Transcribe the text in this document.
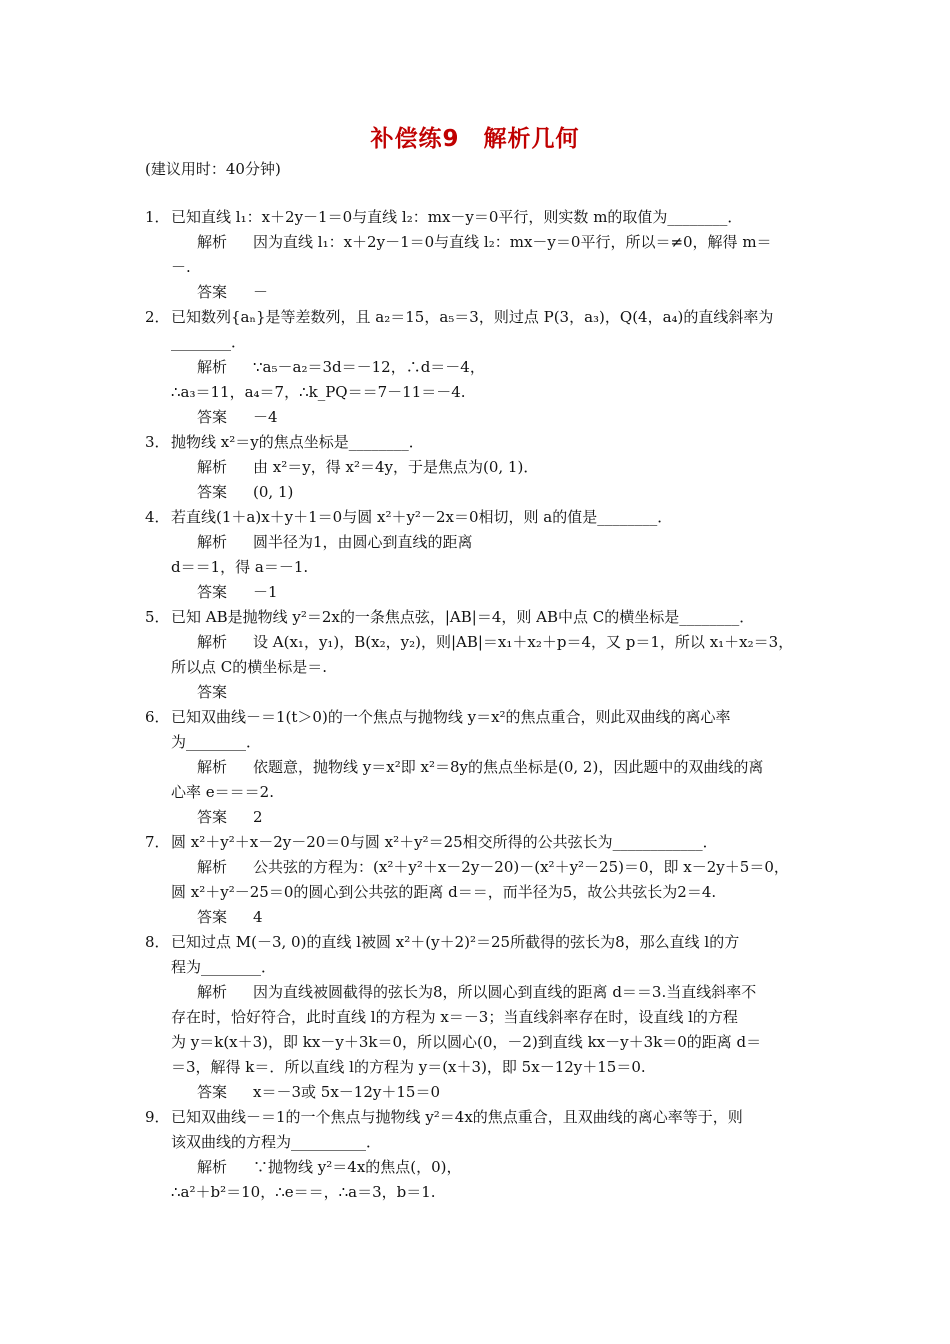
补偿练9　解析几何
(建议用时：40分钟)
1． 已知直线 l₁：x＋2y－1＝0与直线 l₂：mx－y＝0平行，则实数 m的取值为________．
解析 因为直线 l₁：x＋2y－1＝0与直线 l₂：mx－y＝0平行，所以＝≠0，解得 m＝
－.
答案 －
2． 已知数列{aₙ}是等差数列，且 a₂＝15，a₅＝3，则过点 P(3，a₃)，Q(4，a₄)的直线斜率为
________．
解析 ∵a₅－a₂＝3d＝－12，∴d＝－4，
∴a₃＝11，a₄＝7，∴k_PQ＝＝7－11＝－4.
答案 －4
3． 抛物线 x²＝y的焦点坐标是________．
解析 由 x²＝y，得 x²＝4y，于是焦点为(0, 1)．
答案 (0, 1)
4． 若直线(1＋a)x＋y＋1＝0与圆 x²＋y²－2x＝0相切，则 a的值是________．
解析 圆半径为1，由圆心到直线的距离
d＝＝1，得 a＝－1.
答案 －1
5． 已知 AB是抛物线 y²＝2x的一条焦点弦，|AB|＝4，则 AB中点 C的横坐标是________．
解析 设 A(x₁，y₁)，B(x₂，y₂)，则|AB|＝x₁＋x₂＋p＝4，又 p＝1，所以 x₁＋x₂＝3，
所以点 C的横坐标是＝.
答案
6． 已知双曲线－＝1(t＞0)的一个焦点与抛物线 y＝x²的焦点重合，则此双曲线的离心率
为________．
解析 依题意，抛物线 y＝x²即 x²＝8y的焦点坐标是(0, 2)，因此题中的双曲线的离
心率 e＝＝＝2.
答案 2
7． 圆 x²＋y²＋x－2y－20＝0与圆 x²＋y²＝25相交所得的公共弦长为____________．
解析 公共弦的方程为：(x²＋y²＋x－2y－20)－(x²＋y²－25)＝0，即 x－2y＋5＝0，
圆 x²＋y²－25＝0的圆心到公共弦的距离 d＝＝，而半径为5，故公共弦长为2＝4.
答案 4
8． 已知过点 M(－3, 0)的直线 l被圆 x²＋(y＋2)²＝25所截得的弦长为8，那么直线 l的方
程为________．
解析 因为直线被圆截得的弦长为8，所以圆心到直线的距离 d＝＝3.当直线斜率不
存在时，恰好符合，此时直线 l的方程为 x＝－3；当直线斜率存在时，设直线 l的方程
为 y＝k(x＋3)，即 kx－y＋3k＝0，所以圆心(0，－2)到直线 kx－y＋3k＝0的距离 d＝
＝3，解得 k＝．所以直线 l的方程为 y＝(x＋3)，即 5x－12y＋15＝0.
答案 x＝－3或 5x－12y＋15＝0
9． 已知双曲线－＝1的一个焦点与抛物线 y²＝4x的焦点重合，且双曲线的离心率等于，则
该双曲线的方程为__________．
解析 ∵抛物线 y²＝4x的焦点(，0)，
∴a²＋b²＝10，∴e＝＝，∴a＝3，b＝1.
